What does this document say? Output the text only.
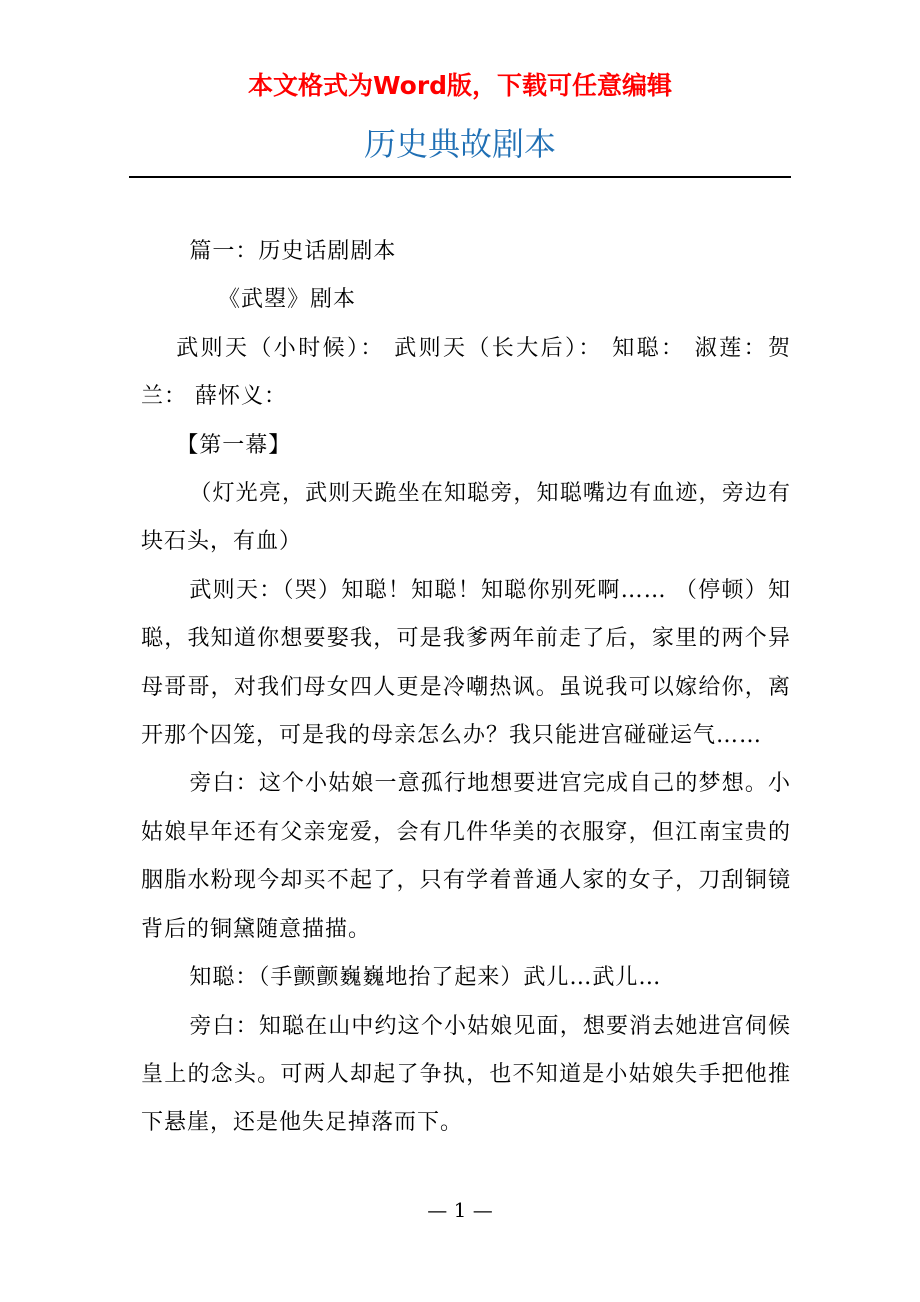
本文格式为Word版，下载可任意编辑
历史典故剧本

篇一：历史话剧剧本

《武曌》剧本

武则天（小时候）： 武则天（长大后）： 知聪： 淑莲：贺兰： 薛怀义：

【第一幕】

（灯光亮，武则天跪坐在知聪旁，知聪嘴边有血迹，旁边有块石头，有血）

武则天：（哭）知聪！知聪！知聪你别死啊…… （停顿）知聪，我知道你想要娶我，可是我爹两年前走了后，家里的两个异母哥哥，对我们母女四人更是冷嘲热讽。虽说我可以嫁给你，离开那个囚笼，可是我的母亲怎么办？我只能进宫碰碰运气……

旁白：这个小姑娘一意孤行地想要进宫完成自己的梦想。小姑娘早年还有父亲宠爱，会有几件华美的衣服穿，但江南宝贵的胭脂水粉现今却买不起了，只有学着普通人家的女子，刀刮铜镜背后的铜黛随意描描。

知聪：（手颤颤巍巍地抬了起来）武儿…武儿…

旁白：知聪在山中约这个小姑娘见面，想要消去她进宫伺候皇上的念头。可两人却起了争执，也不知道是小姑娘失手把他推下悬崖，还是他失足掉落而下。

— 1 —
